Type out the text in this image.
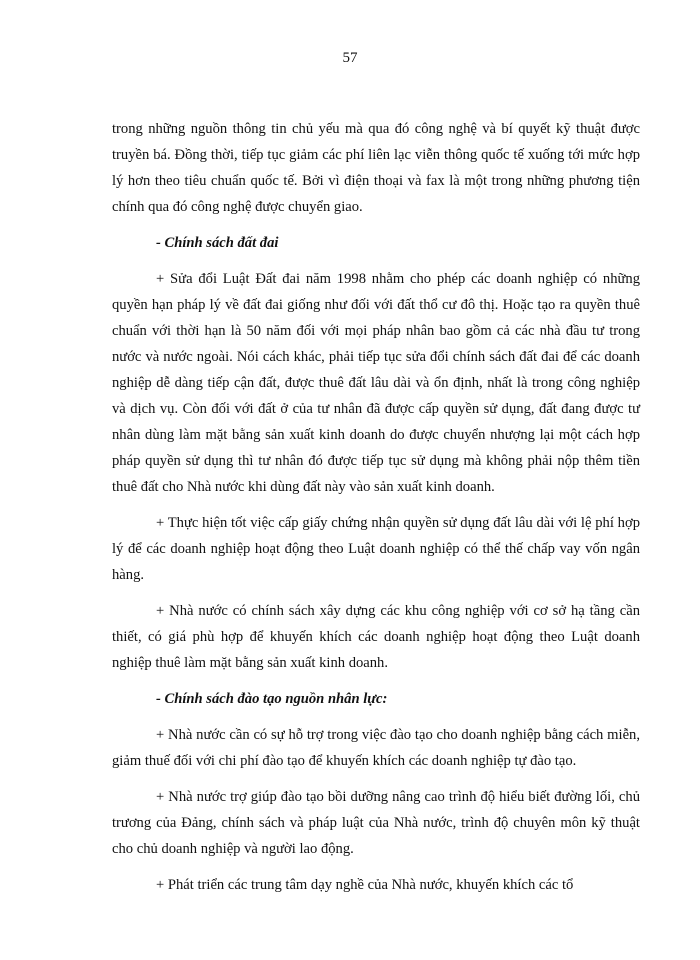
57

trong những nguồn thông tin chủ yếu mà qua đó công nghệ và bí quyết kỹ thuật được truyền bá. Đồng thời, tiếp tục giảm các phí liên lạc viễn thông quốc tế xuống tới mức hợp lý hơn theo tiêu chuẩn quốc tế. Bởi vì điện thoại và fax là một trong những phương tiện chính qua đó công nghệ được chuyển giao.

- Chính sách đất đai

+ Sửa đổi Luật Đất đai năm 1998 nhằm cho phép các doanh nghiệp có những quyền hạn pháp lý về đất đai giống như đối với đất thổ cư đô thị. Hoặc tạo ra quyền thuê chuẩn với thời hạn là 50 năm đối với mọi pháp nhân bao gồm cả các nhà đầu tư trong nước và nước ngoài. Nói cách khác, phải tiếp tục sửa đổi chính sách đất đai để các doanh nghiệp dễ dàng tiếp cận đất, được thuê đất lâu dài và ổn định, nhất là trong công nghiệp và dịch vụ. Còn đối với đất ở của tư nhân đã được cấp quyền sử dụng, đất đang được tư nhân dùng làm mặt bằng sản xuất kinh doanh do được chuyển nhượng lại một cách hợp pháp quyền sử dụng thì tư nhân đó được tiếp tục sử dụng mà không phải nộp thêm tiền thuê đất cho Nhà nước khi dùng đất này vào sản xuất kinh doanh.

+ Thực hiện tốt việc cấp giấy chứng nhận quyền sử dụng đất lâu dài với lệ phí hợp lý để các doanh nghiệp hoạt động theo Luật doanh nghiệp có thể thế chấp vay vốn ngân hàng.

+ Nhà nước có chính sách xây dựng các khu công nghiệp với cơ sở hạ tầng cần thiết, có giá phù hợp để khuyến khích các doanh nghiệp hoạt động theo Luật doanh nghiệp thuê làm mặt bằng sản xuất kinh doanh.

- Chính sách đào tạo nguồn nhân lực:

+ Nhà nước cần có sự hỗ trợ trong việc đào tạo cho doanh nghiệp bằng cách miễn, giảm thuế đối với chi phí đào tạo để khuyến khích các doanh nghiệp tự đào tạo.

+ Nhà nước trợ giúp đào tạo bồi dưỡng nâng cao trình độ hiểu biết đường lối, chủ trương của Đảng, chính sách và pháp luật của Nhà nước, trình độ chuyên môn kỹ thuật cho chủ doanh nghiệp và người lao động.

+ Phát triển các trung tâm dạy nghề của Nhà nước, khuyến khích các tổ
